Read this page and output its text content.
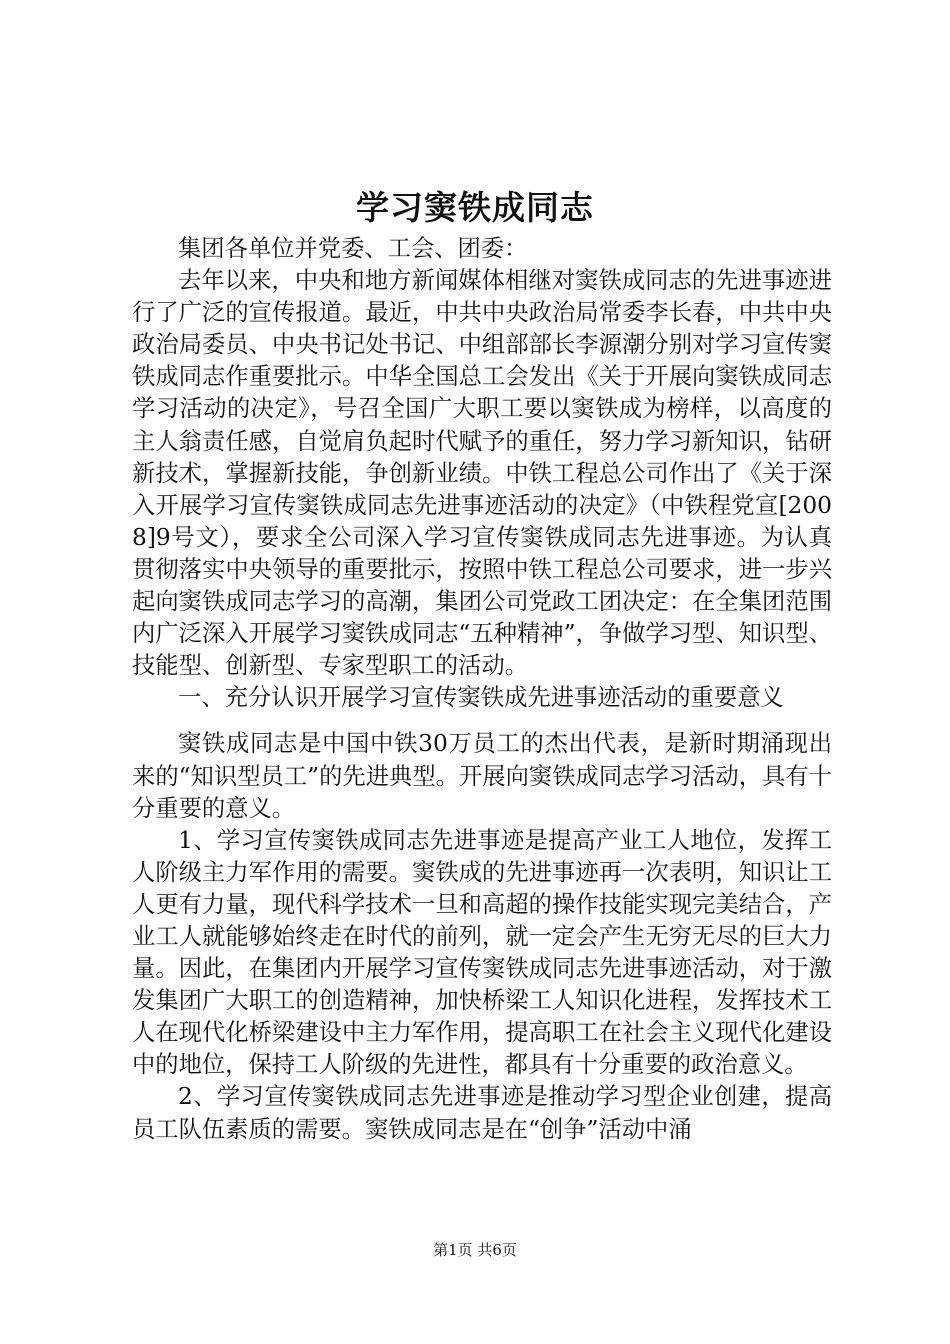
学习窦铁成同志

集团各单位并党委、工会、团委：

去年以来，中央和地方新闻媒体相继对窦铁成同志的先进事迹进行了广泛的宣传报道。最近，中共中央政治局常委李长春，中共中央政治局委员、中央书记处书记、中组部部长李源潮分别对学习宣传窦铁成同志作重要批示。中华全国总工会发出《关于开展向窦铁成同志学习活动的决定》，号召全国广大职工要以窦铁成为榜样，以高度的主人翁责任感，自觉肩负起时代赋予的重任，努力学习新知识，钻研新技术，掌握新技能，争创新业绩。中铁工程总公司作出了《关于深入开展学习宣传窦铁成同志先进事迹活动的决定》（中铁程党宣[2008]9号文），要求全公司深入学习宣传窦铁成同志先进事迹。为认真贯彻落实中央领导的重要批示，按照中铁工程总公司要求，进一步兴起向窦铁成同志学习的高潮，集团公司党政工团决定：在全集团范围内广泛深入开展学习窦铁成同志“五种精神”，争做学习型、知识型、技能型、创新型、专家型职工的活动。

一、充分认识开展学习宣传窦铁成先进事迹活动的重要意义

窦铁成同志是中国中铁30万员工的杰出代表，是新时期涌现出来的“知识型员工”的先进典型。开展向窦铁成同志学习活动，具有十分重要的意义。

1、学习宣传窦铁成同志先进事迹是提高产业工人地位，发挥工人阶级主力军作用的需要。窦铁成的先进事迹再一次表明，知识让工人更有力量，现代科学技术一旦和高超的操作技能实现完美结合，产业工人就能够始终走在时代的前列，就一定会产生无穷无尽的巨大力量。因此，在集团内开展学习宣传窦铁成同志先进事迹活动，对于激发集团广大职工的创造精神，加快桥梁工人知识化进程，发挥技术工人在现代化桥梁建设中主力军作用，提高职工在社会主义现代化建设中的地位，保持工人阶级的先进性，都具有十分重要的政治意义。

2、学习宣传窦铁成同志先进事迹是推动学习型企业创建，提高员工队伍素质的需要。窦铁成同志是在“创争”活动中涌

第1页 共6页
